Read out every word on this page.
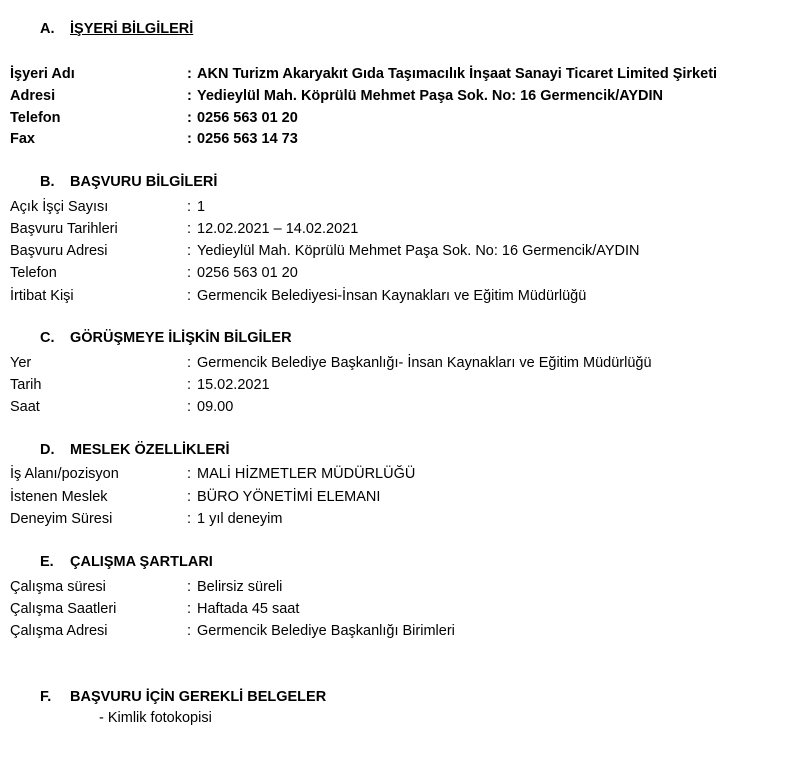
A. İŞYERİ BİLGİLERİ
İşyeri Adı	: AKN Turizm Akaryakıt Gıda Taşımacılık İnşaat Sanayi Ticaret Limited Şirketi
Adresi	: Yedieylül Mah. Köprülü Mehmet Paşa Sok. No: 16 Germencik/AYDIN
Telefon	: 0256 563 01 20
Fax	: 0256 563 14 73
B. BAŞVURU BİLGİLERİ
Açık İşçi Sayısı	: 1
Başvuru Tarihleri	: 12.02.2021 – 14.02.2021
Başvuru Adresi	: Yedieylül Mah. Köprülü Mehmet Paşa Sok. No: 16 Germencik/AYDIN
Telefon	: 0256 563 01 20
İrtibat Kişi	: Germencik Belediyesi-İnsan Kaynakları ve Eğitim Müdürlüğü
C. GÖRÜŞMEYE İLİŞKİN BİLGİLER
Yer	: Germencik Belediye Başkanlığı- İnsan Kaynakları ve Eğitim Müdürlüğü
Tarih	: 15.02.2021
Saat	: 09.00
D. MESLEK ÖZELLİKLERİ
İş Alanı/pozisyon	: MALİ HİZMETLER MÜDÜRLÜĞÜ
İstenen Meslek	: BÜRO YÖNETİMİ ELEMANI
Deneyim Süresi	: 1 yıl deneyim
E. ÇALIŞMA ŞARTLARI
Çalışma süresi	: Belirsiz süreli
Çalışma Saatleri	: Haftada 45 saat
Çalışma Adresi	: Germencik Belediye Başkanlığı Birimleri
F. BAŞVURU İÇİN GEREKLİ BELGELER
- Kimlik fotokopisi
